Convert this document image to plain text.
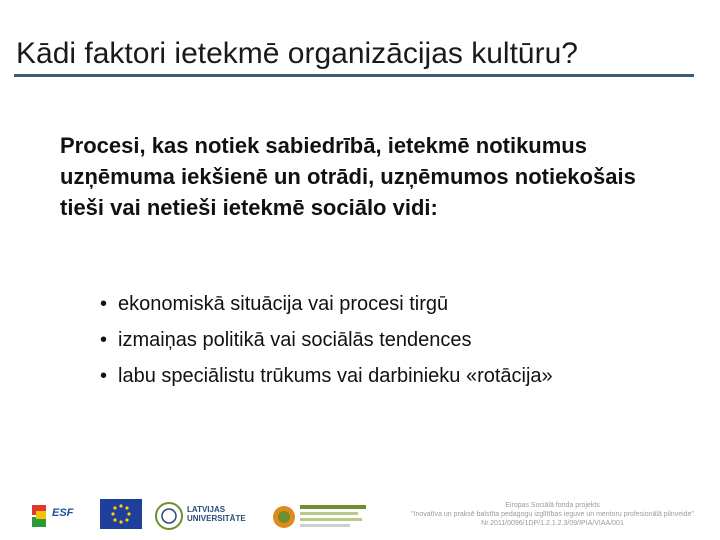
Kādi faktori ietekmē organizācijas kultūru?
Procesi, kas notiek sabiedrībā, ietekmē notikumus uzņēmuma iekšienē un otrādi, uzņēmumos notiekošais tieši vai netieši ietekmē sociālo vidi:
• ekonomiskā situācija vai procesi tirgū
• izmaiņas politikā vai sociālās tendences
• labu speciālistu trūkums vai darbinieku «rotācija»
ESF	LATVIJAS
UNIVERSITĀTE
Eiropas Sociālā fonda projekts
"Inovatīva un praksē balstīta pedagogu izglītības ieguve un mentoru profesionālā pilnveide"
Nr.2011/0096/1DP/1.2.1.2.3/09/IPIA/VIAA/001
